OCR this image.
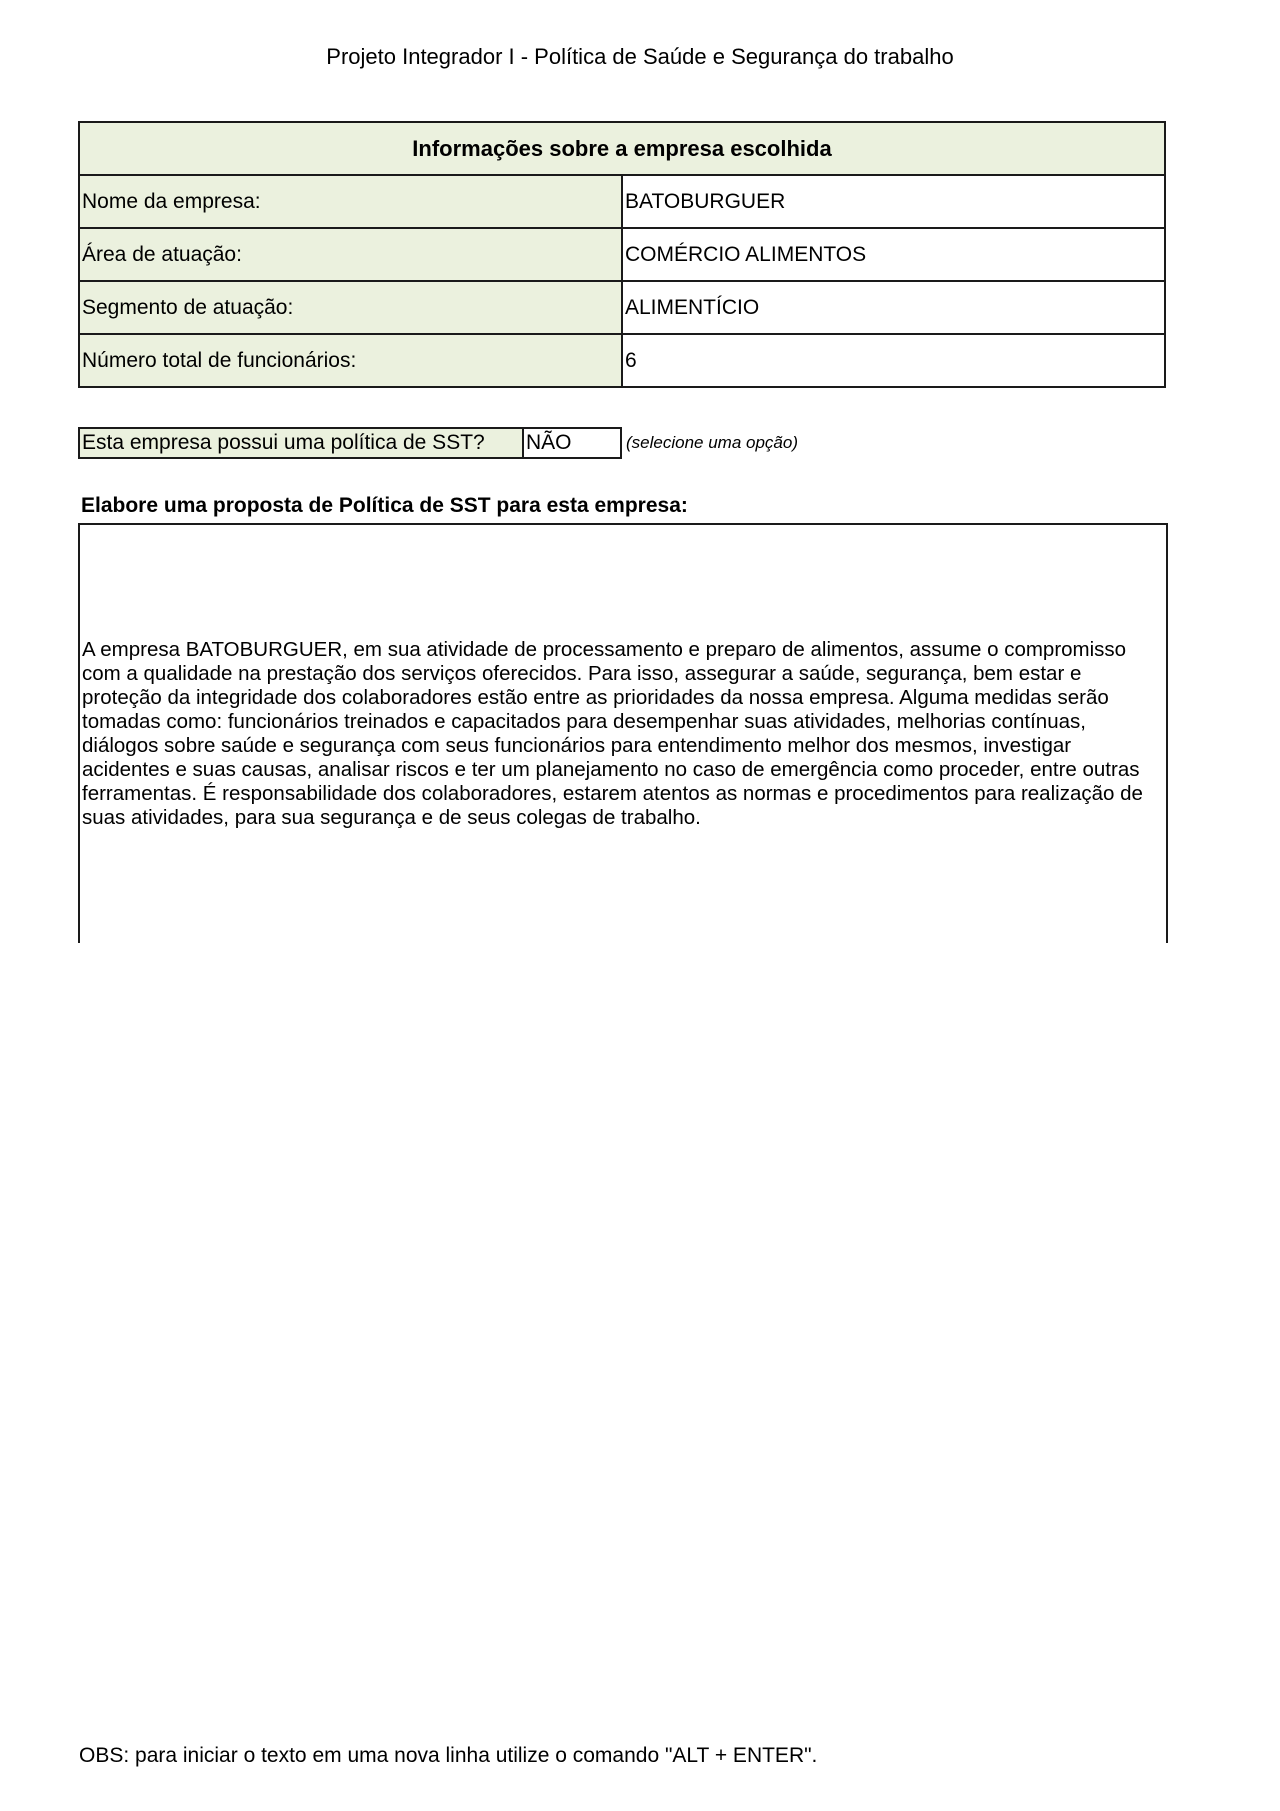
Projeto Integrador I - Política de Saúde e Segurança do trabalho
Informações sobre a empresa escolhida	
Nome da empresa:	BATOBURGUER
Área de atuação:	COMÉRCIO ALIMENTOS
Segmento de atuação:	ALIMENTÍCIO
Número total de funcionários:	6
Esta empresa possui uma política de SST?	NÃO	(selecione uma opção)
Elabore uma proposta de Política de SST para esta empresa:

A empresa BATOBURGUER, em sua atividade de processamento e preparo de alimentos, assume o compromisso com a qualidade na prestação dos serviços oferecidos. Para isso, assegurar a saúde, segurança, bem estar e proteção da integridade dos colaboradores estão entre as prioridades da nossa empresa. Alguma medidas serão tomadas como: funcionários treinados e capacitados para desempenhar suas atividades, melhorias contínuas, diálogos sobre saúde e segurança com seus funcionários para entendimento melhor dos mesmos, investigar acidentes e suas causas, analisar riscos e ter um planejamento no caso de emergência como proceder, entre outras ferramentas. É responsabilidade dos colaboradores, estarem atentos as normas e procedimentos para realização de suas atividades, para sua segurança e de seus colegas de trabalho.

OBS: para iniciar o texto em uma nova linha utilize o comando "ALT + ENTER".
